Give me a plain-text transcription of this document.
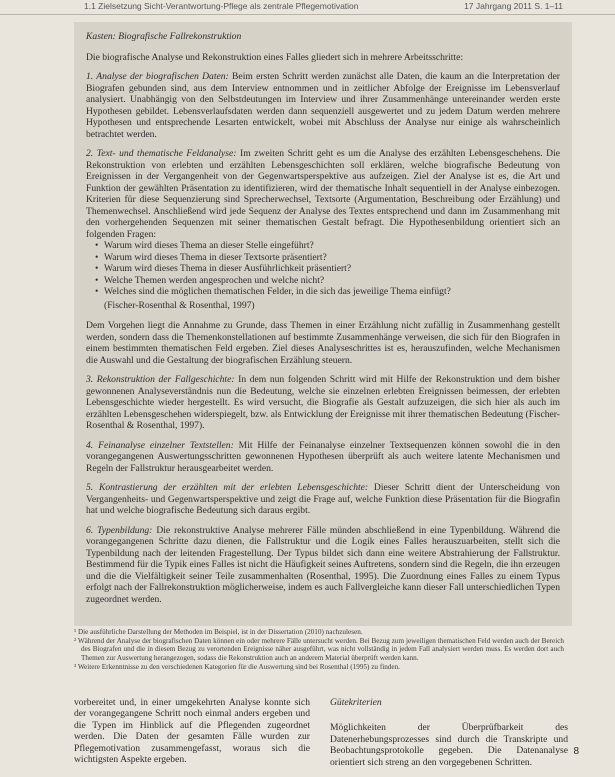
1.1 Zielsetzung Sicht-Verantwortung-Pflege als zentrale Pflegemotivation	17 Jahrgang 2011 S. 1–11
Kasten: Biografische Fallrekonstruktion

Die biografische Analyse und Rekonstruktion eines Falles gliedert sich in mehrere Arbeitsschritte:

1. Analyse der biografischen Daten: Beim ersten Schritt werden zunächst alle Daten, die kaum an die Interpretation der Biografen gebunden sind, aus dem Interview entnommen und in zeitlicher Abfolge der Ereignisse im Lebensverlauf analysiert. Unabhängig von den Selbstdeutungen im Interview und ihrer Zusammenhänge untereinander werden erste Hypothesen gebildet. Lebensverlaufsdaten werden dann sequenziell ausgewertet und zu jedem Datum werden mehrere Hypothesen und entsprechende Lesarten entwickelt, wobei mit Abschluss der Analyse nur einige als wahrscheinlich betrachtet werden.

2. Text- und thematische Feldanalyse: Im zweiten Schritt geht es um die Analyse des erzählten Lebensgeschehens. Die Rekonstruktion von erlebten und erzählten Lebensgeschichten soll erklären, welche biografische Bedeutung von Ereignissen in der Vergangenheit von der Gegenwartsperspektive aus aufzeigen. Ziel der Analyse ist es, die Art und Funktion der gewählten Präsentation zu identifizieren, wird der thematische Inhalt sequentiell in der Analyse einbezogen. Kriterien für diese Sequenzierung sind Sprecherwechsel, Textsorte (Argumentation, Beschreibung oder Erzählung) und Themenwechsel. Anschließend wird jede Sequenz der Analyse des Textes entsprechend und dann im Zusammenhang mit den vorhergehenden Sequenzen mit seiner thematischen Gestalt befragt. Die Hypothesenbildung orientiert sich an folgenden Fragen:

• Warum wird dieses Thema an dieser Stelle eingeführt?
• Warum wird dieses Thema in dieser Textsorte präsentiert?
• Warum wird dieses Thema in dieser Ausführlichkeit präsentiert?
• Welche Themen werden angesprochen und welche nicht?
• Welches sind die möglichen thematischen Felder, in die sich das jeweilige Thema einfügt?
(Fischer-Rosenthal & Rosenthal, 1997)

Dem Vorgehen liegt die Annahme zu Grunde, dass Themen in einer Erzählung nicht zufällig in Zusammenhang gestellt werden, sondern dass die Themenkonstellationen auf bestimmte Zusammenhänge verweisen, die sich für den Biografen in einem bestimmten thematischen Feld ergeben. Ziel dieses Analyseschrittes ist es, herauszufinden, welche Mechanismen die Auswahl und die Gestaltung der biografischen Erzählung steuern.

3. Rekonstruktion der Fallgeschichte: In dem nun folgenden Schritt wird mit Hilfe der Rekonstruktion und dem bisher gewonnenen Analyseverständnis nun die Bedeutung, welche sie einzelnen erlebten Ereignissen beimessen, der erlebten Lebensgeschichte wieder hergestellt. Es wird versucht, die Biografie als Gestalt aufzuzeigen, die sich hier als auch im erzählten Lebensgeschehen widerspiegelt, bzw. als Entwicklung der Ereignisse mit ihrer thematischen Bedeutung (Fischer-Rosenthal & Rosenthal, 1997).

4. Feinanalyse einzelner Textstellen: Mit Hilfe der Feinanalyse einzelner Textsequenzen können sowohl die in den vorangegangenen Auswertungsschritten gewonnenen Hypothesen überprüft als auch weitere latente Mechanismen und Regeln der Fallstruktur herausgearbeitet werden.

5. Kontrastierung der erzählten mit der erlebten Lebensgeschichte: Dieser Schritt dient der Unterscheidung von Vergangenheits- und Gegenwartsperspektive und zeigt die Frage auf, welche Funktion diese Präsentation für die Biografin hat und welche biografische Bedeutung sich daraus ergibt.

6. Typenbildung: Die rekonstruktive Analyse mehrerer Fälle münden abschließend in eine Typenbildung. Während die vorangegangenen Schritte dazu dienen, die Fallstruktur und die Logik eines Falles herauszuarbeiten, stellt sich die Typenbildung nach der leitenden Fragestellung. Der Typus bildet sich dann eine weitere Abstrahierung der Fallstruktur. Bestimmend für die Typik eines Falles ist nicht die Häufigkeit seines Auftretens, sondern sind die Regeln, die ihn erzeugen und die die Vielfältigkeit seiner Teile zusammenhalten (Rosenthal, 1995). Die Zuordnung eines Falles zu einem Typus erfolgt nach der Fallrekonstruktion möglicherweise, indem es auch Fallvergleiche kann dieser Fall unterschiedlichen Typen zugeordnet werden.

¹ Die ausführliche Darstellung der Methoden im Beispiel, ist in der Dissertation (2010) nachzulesen.

² Während der Analyse der biografischen Daten können ein oder mehrere Fälle untersucht werden. Bei Bezug zum jeweiligen thematischen Feld werden auch der Bereich des Biografen und die in diesem Bezug zu verortenden Ereignisse näher ausgeführt, was nicht vollständig in jedem Fall analysiert werden muss. Es werden dort auch Themen zur Auswertung herangezogen, sodass die Rekonstruktion auch an anderem Material überprüft werden kann.

³ Weitere Erkenntnisse zu den verschiedenen Kategorien für die Auswertung sind bei Rosenthal (1995) zu finden.

vorbereitet und, in einer umgekehrten Analyse konnte sich der vorangegangene Schritt noch einmal anders ergeben und die Typen im Hinblick auf die Pflegenden zugeordnet werden. Die Daten der gesamten Fälle wurden zur Pflegemotivation zusammengefasst, woraus sich die wichtigsten Aspekte ergeben.
Gütekriterien
Möglichkeiten der Überprüfbarkeit des Datenerhebungsprozesses sind durch die Transkripte und Beobachtungsprotokolle gegeben. Die Datenanalyse orientiert sich streng an den vorgegebenen Schritten.
8
